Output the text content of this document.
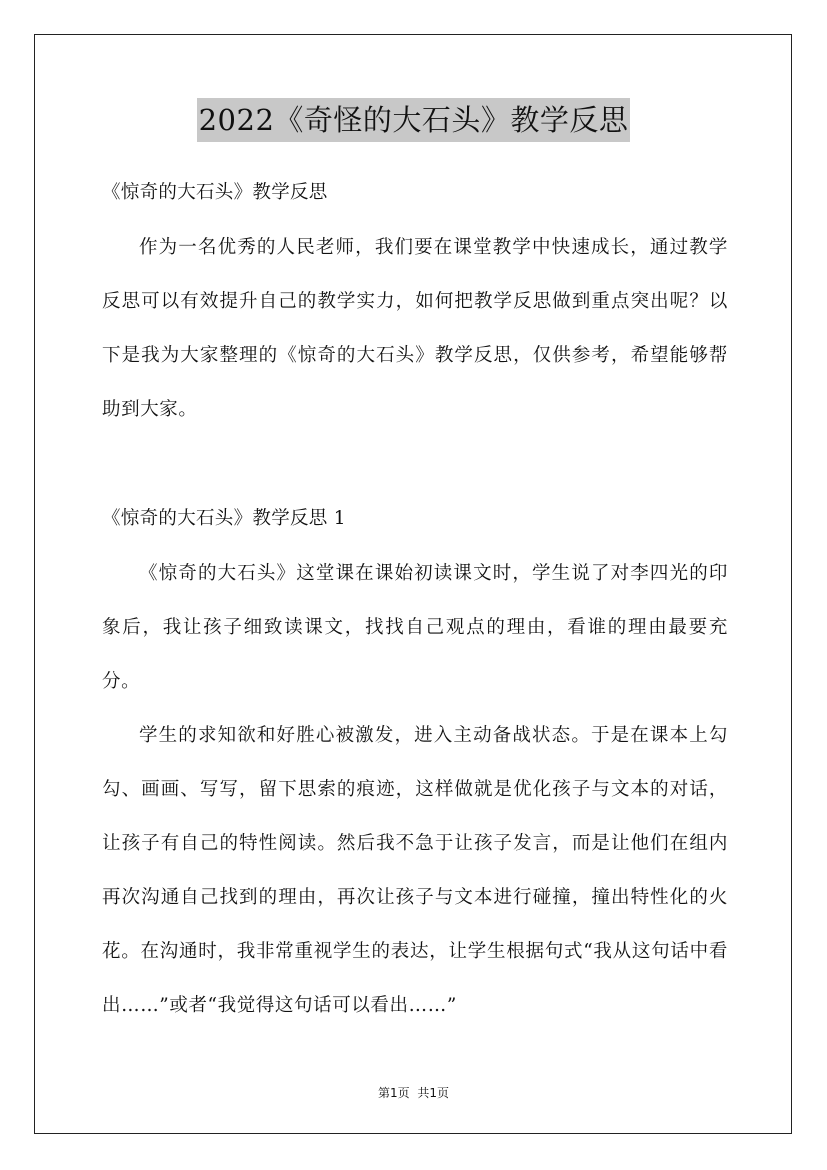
2022《奇怪的大石头》教学反思
《惊奇的大石头》教学反思

作为一名优秀的人民老师，我们要在课堂教学中快速成长，通过教学反思可以有效提升自己的教学实力，如何把教学反思做到重点突出呢？以下是我为大家整理的《惊奇的大石头》教学反思，仅供参考，希望能够帮助到大家。

《惊奇的大石头》教学反思 1

《惊奇的大石头》这堂课在课始初读课文时，学生说了对李四光的印象后，我让孩子细致读课文，找找自己观点的理由，看谁的理由最要充分。

学生的求知欲和好胜心被激发，进入主动备战状态。于是在课本上勾勾、画画、写写，留下思索的痕迹，这样做就是优化孩子与文本的对话，让孩子有自己的特性阅读。然后我不急于让孩子发言，而是让他们在组内再次沟通自己找到的理由，再次让孩子与文本进行碰撞，撞出特性化的火花。在沟通时，我非常重视学生的表达，让学生根据句式“我从这句话中看出……”或者“我觉得这句话可以看出……”

第1页 共1页
